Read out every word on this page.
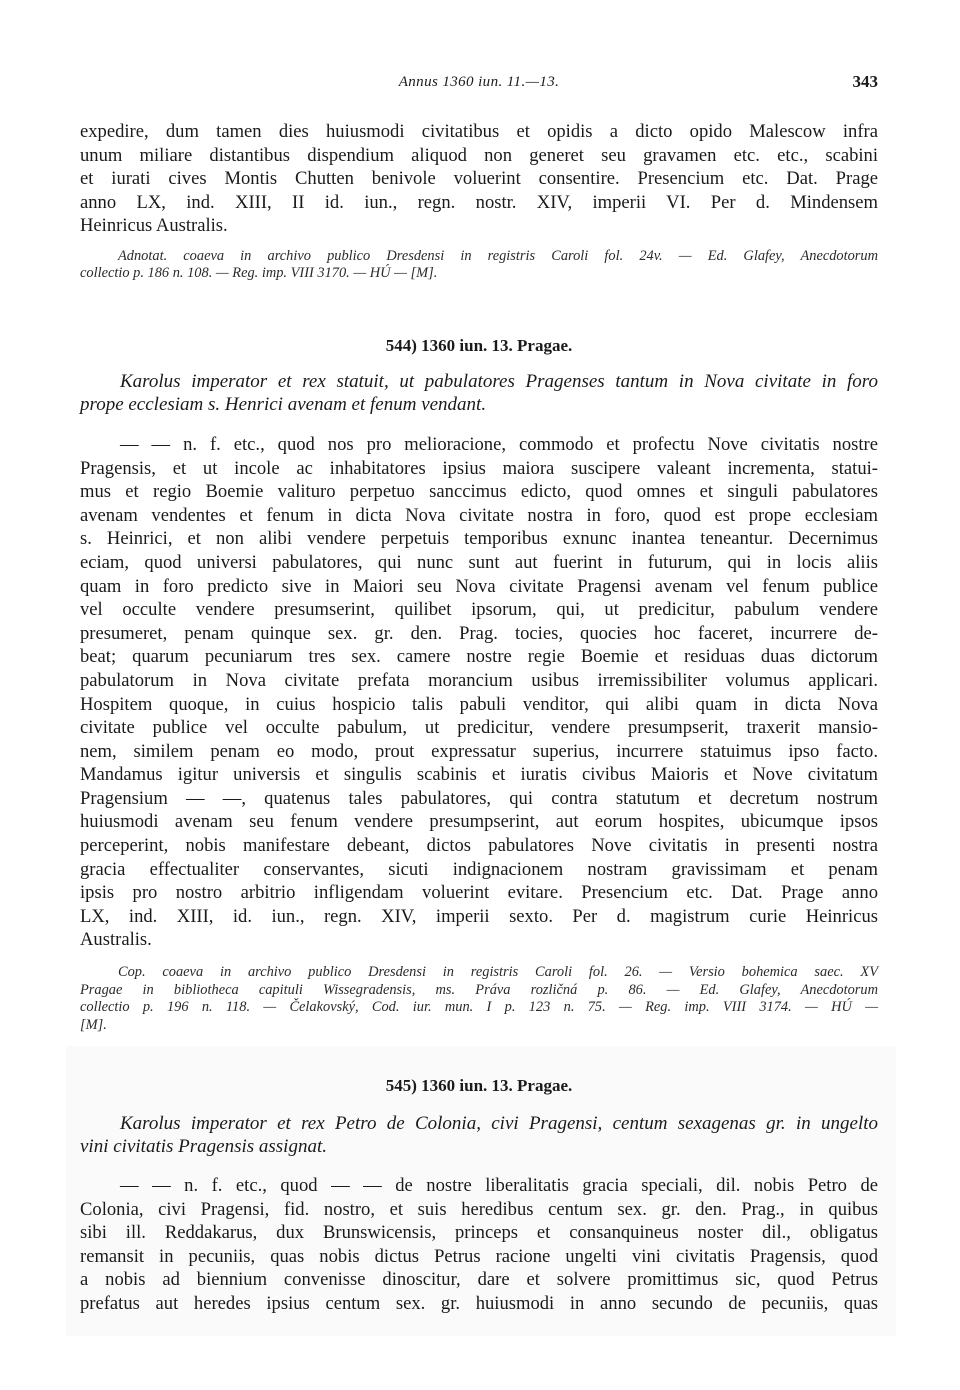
Annus 1360 iun. 11.—13.	343
expedire, dum tamen dies huiusmodi civitatibus et opidis a dicto opido Malescow infra
unum miliare distantibus dispendium aliquod non generet seu gravamen etc. etc., scabini
et iurati cives Montis Chutten benivole voluerint consentire. Presencium etc. Dat. Prage
anno LX, ind. XIII, II id. iun., regn. nostr. XIV, imperii VI. Per d. Mindensem
Heinricus Australis.
Adnotat. coaeva in archivo publico Dresdensi in registris Caroli fol. 24v. — Ed. Glafey, Anecdotorum
collectio p. 186 n. 108. — Reg. imp. VIII 3170. — HÚ — [M].
544) 1360 iun. 13. Pragae.
Karolus imperator et rex statuit, ut pabulatores Pragenses tantum in Nova civitate in foro
prope ecclesiam s. Henrici avenam et fenum vendant.
— — n. f. etc., quod nos pro melioracione, commodo et profectu Nove civitatis nostre
Pragensis, et ut incole ac inhabitatores ipsius maiora suscipere valeant incrementa, statui-
mus et regio Boemie valituro perpetuo sanccimus edicto, quod omnes et singuli pabulatores
avenam vendentes et fenum in dicta Nova civitate nostra in foro, quod est prope ecclesiam
s. Heinrici, et non alibi vendere perpetuis temporibus exnunc inantea teneantur. Decernimus
eciam, quod universi pabulatores, qui nunc sunt aut fuerint in futurum, qui in locis aliis
quam in foro predicto sive in Maiori seu Nova civitate Pragensi avenam vel fenum publice
vel occulte vendere presumserint, quilibet ipsorum, qui, ut predicitur, pabulum vendere
presumeret, penam quinque sex. gr. den. Prag. tocies, quocies hoc faceret, incurrere de-
beat; quarum pecuniarum tres sex. camere nostre regie Boemie et residuas duas dictorum
pabulatorum in Nova civitate prefata morancium usibus irremissibiliter volumus applicari.
Hospitem quoque, in cuius hospicio talis pabuli venditor, qui alibi quam in dicta Nova
civitate publice vel occulte pabulum, ut predicitur, vendere presumpserit, traxerit mansio-
nem, similem penam eo modo, prout expressatur superius, incurrere statuimus ipso facto.
Mandamus igitur universis et singulis scabinis et iuratis civibus Maioris et Nove civitatum
Pragensium — —, quatenus tales pabulatores, qui contra statutum et decretum nostrum
huiusmodi avenam seu fenum vendere presumpserint, aut eorum hospites, ubicumque ipsos
perceperint, nobis manifestare debeant, dictos pabulatores Nove civitatis in presenti nostra
gracia effectualiter conservantes, sicuti indignacionem nostram gravissimam et penam
ipsis pro nostro arbitrio infligendam voluerint evitare. Presencium etc. Dat. Prage anno
LX, ind. XIII, id. iun., regn. XIV, imperii sexto. Per d. magistrum curie Heinricus
Australis.
Cop. coaeva in archivo publico Dresdensi in registris Caroli fol. 26. — Versio bohemica saec. XV
Pragae in bibliotheca capituli Wissegradensis, ms. Práva rozličná p. 86. — Ed. Glafey, Anecdotorum
collectio p. 196 n. 118. — Čelakovský, Cod. iur. mun. I p. 123 n. 75. — Reg. imp. VIII 3174. — HÚ —
[M].
545) 1360 iun. 13. Pragae.
Karolus imperator et rex Petro de Colonia, civi Pragensi, centum sexagenas gr. in ungelto
vini civitatis Pragensis assignat.
— — n. f. etc., quod — — de nostre liberalitatis gracia speciali, dil. nobis Petro de
Colonia, civi Pragensi, fid. nostro, et suis heredibus centum sex. gr. den. Prag., in quibus
sibi ill. Reddakarus, dux Brunswicensis, princeps et consanquineus noster dil., obligatus
remansit in pecuniis, quas nobis dictus Petrus racione ungelti vini civitatis Pragensis, quod
a nobis ad biennium convenisse dinoscitur, dare et solvere promittimus sic, quod Petrus
prefatus aut heredes ipsius centum sex. gr. huiusmodi in anno secundo de pecuniis, quas
